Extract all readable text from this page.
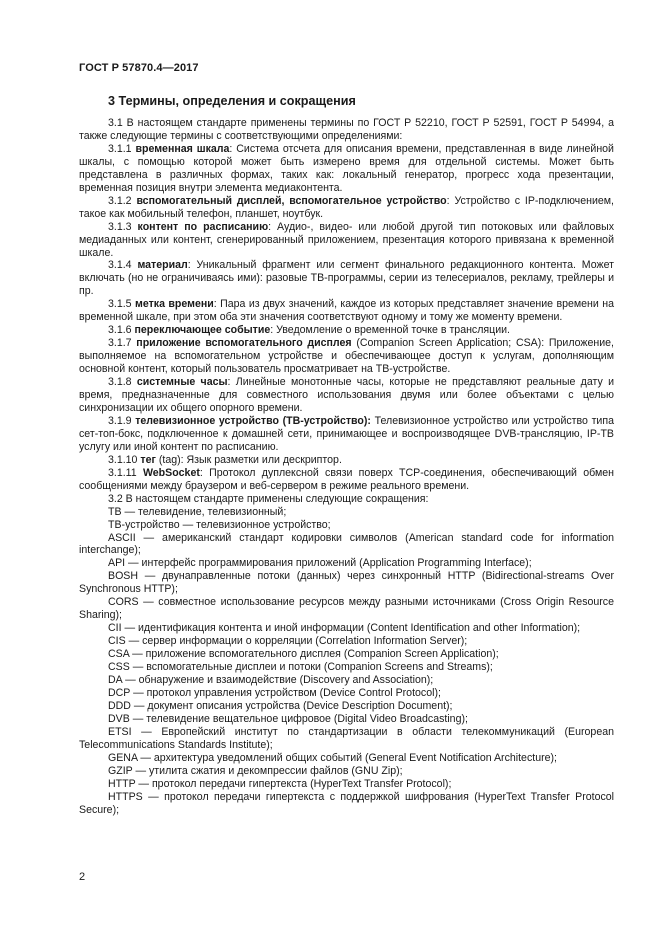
ГОСТ Р 57870.4—2017
3 Термины, определения и сокращения

3.1 В настоящем стандарте применены термины по ГОСТ Р 52210, ГОСТ Р 52591, ГОСТ Р 54994, а также следующие термины с соответствующими определениями:

3.1.1 временная шкала: Система отсчета для описания времени, представленная в виде линейной шкалы, с помощью которой может быть измерено время для отдельной системы. Может быть представлена в различных формах, таких как: локальный генератор, прогресс хода презентации, временная позиция внутри элемента медиаконтента.

3.1.2 вспомогательный дисплей, вспомогательное устройство: Устройство с IP-подключением, такое как мобильный телефон, планшет, ноутбук.

3.1.3 контент по расписанию: Аудио-, видео- или любой другой тип потоковых или файловых медиаданных или контент, сгенерированный приложением, презентация которого привязана к временной шкале.

3.1.4 материал: Уникальный фрагмент или сегмент финального редакционного контента. Может включать (но не ограничиваясь ими): разовые ТВ-программы, серии из телесериалов, рекламу, трейлеры и пр.

3.1.5 метка времени: Пара из двух значений, каждое из которых представляет значение времени на временной шкале, при этом оба эти значения соответствуют одному и тому же моменту времени.

3.1.6 переключающее событие: Уведомление о временной точке в трансляции.

3.1.7 приложение вспомогательного дисплея (Companion Screen Application; CSA): Приложение, выполняемое на вспомогательном устройстве и обеспечивающее доступ к услугам, дополняющим основной контент, который пользователь просматривает на ТВ-устройстве.

3.1.8 системные часы: Линейные монотонные часы, которые не представляют реальные дату и время, предназначенные для совместного использования двумя или более объектами с целью синхронизации их общего опорного времени.

3.1.9 телевизионное устройство (ТВ-устройство): Телевизионное устройство или устройство типа сет-топ-бокс, подключенное к домашней сети, принимающее и воспроизводящее DVB-трансляцию, IP-ТВ услугу или иной контент по расписанию.

3.1.10 тег (tag): Язык разметки или дескриптор.

3.1.11 WebSocket: Протокол дуплексной связи поверх TCP-соединения, обеспечивающий обмен сообщениями между браузером и веб-сервером в режиме реального времени.

3.2 В настоящем стандарте применены следующие сокращения:

ТВ — телевидение, телевизионный;

ТВ-устройство — телевизионное устройство;

ASCII — американский стандарт кодировки символов (American standard code for information interchange);

API — интерфейс программирования приложений (Application Programming Interface);

BOSH — двунаправленные потоки (данных) через синхронный HTTP (Bidirectional-streams Over Synchronous HTTP);

CORS — совместное использование ресурсов между разными источниками (Cross Origin Resource Sharing);

CII — идентификация контента и иной информации (Content Identification and other Information);

CIS — сервер информации о корреляции (Correlation Information Server);

CSA — приложение вспомогательного дисплея (Companion Screen Application);

CSS — вспомогательные дисплеи и потоки (Companion Screens and Streams);

DA — обнаружение и взаимодействие (Discovery and Association);

DCP — протокол управления устройством (Device Control Protocol);

DDD — документ описания устройства (Device Description Document);

DVB — телевидение вещательное цифровое (Digital Video Broadcasting);

ETSI — Европейский институт по стандартизации в области телекоммуникаций (European Telecommunications Standards Institute);

GENA — архитектура уведомлений общих событий (General Event Notification Architecture);

GZIP — утилита сжатия и декомпрессии файлов (GNU Zip);

HTTP — протокол передачи гипертекста (HyperText Transfer Protocol);

HTTPS — протокол передачи гипертекста с поддержкой шифрования (HyperText Transfer Protocol Secure);

2
